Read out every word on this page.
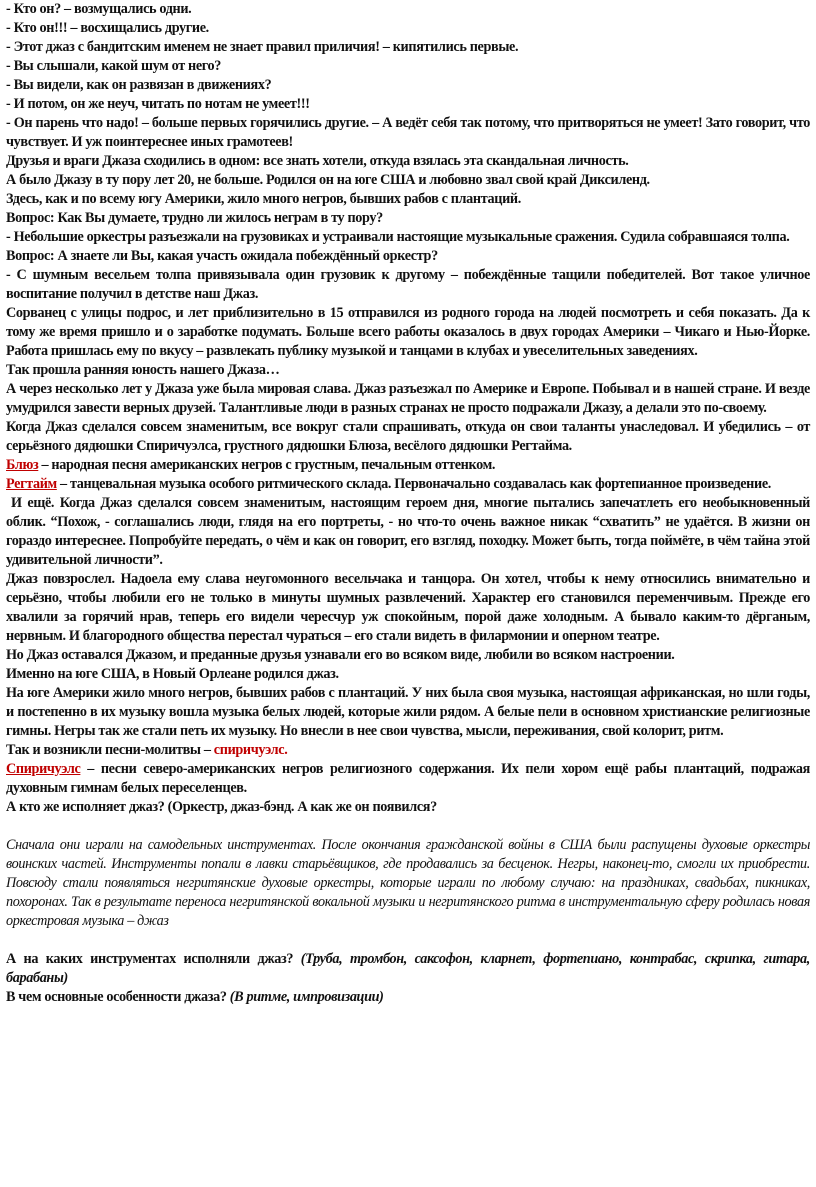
- Кто он? – возмущались одни.

- Кто он!!! – восхищались другие.

- Этот джаз с бандитским именем не знает правил приличия! – кипятились первые.

- Вы слышали, какой шум от него?

- Вы видели, как он развязан в движениях?

- И потом, он же неуч, читать по нотам не умеет!!!

- Он парень что надо! – больше первых горячились другие. – А ведёт себя так потому, что притворяться не умеет! Зато говорит, что чувствует. И уж поинтереснее иных грамотеев!

Друзья и враги Джаза сходились в одном: все знать хотели, откуда взялась эта скандальная личность.

А было Джазу в ту пору лет 20, не больше. Родился он на юге США и любовно звал свой край Диксиленд.

Здесь, как и по всему югу Америки, жило много негров, бывших рабов с плантаций.

Вопрос: Как Вы думаете, трудно ли жилось неграм в ту пору?

- Небольшие оркестры разъезжали на грузовиках и устраивали настоящие музыкальные сражения. Судила собравшаяся толпа.

Вопрос: А знаете ли Вы, какая участь ожидала побеждённый оркестр?

- С шумным весельем толпа привязывала один грузовик к другому – побеждённые тащили победителей. Вот такое уличное воспитание получил в детстве наш Джаз.

Сорванец с улицы подрос, и лет приблизительно в 15 отправился из родного города на людей посмотреть и себя показать. Да к тому же время пришло и о заработке подумать. Больше всего работы оказалось в двух городах Америки – Чикаго и Нью-Йорке. Работа пришлась ему по вкусу – развлекать публику музыкой и танцами в клубах и увеселительных заведениях.

Так прошла ранняя юность нашего Джаза…

А через несколько лет у Джаза уже была мировая слава. Джаз разъезжал по Америке и Европе. Побывал и в нашей стране. И везде умудрился завести верных друзей. Талантливые люди в разных странах не просто подражали Джазу, а делали это по-своему.

Когда Джаз сделался совсем знаменитым, все вокруг стали спрашивать, откуда он свои таланты унаследовал. И убедились – от серьёзного дядюшки Спиричуэлса, грустного дядюшки Блюза, весёлого дядюшки Регтайма.

Блюз – народная песня американских негров с грустным, печальным оттенком.

Регтайм – танцевальная музыка особого ритмического склада. Первоначально создавалась как фортепианное произведение.

И ещё. Когда Джаз сделался совсем знаменитым, настоящим героем дня, многие пытались запечатлеть его необыкновенный облик. “Похож, - соглашались люди, глядя на его портреты, - но что-то очень важное никак “схватить” не удаётся. В жизни он гораздо интереснее. Попробуйте передать, о чём и как он говорит, его взгляд, походку. Может быть, тогда поймёте, в чём тайна этой удивительной личности”.

Джаз повзрослел. Надоела ему слава неугомонного весельчака и танцора. Он хотел, чтобы к нему относились внимательно и серьёзно, чтобы любили его не только в минуты шумных развлечений. Характер его становился переменчивым. Прежде его хвалили за горячий нрав, теперь его видели чересчур уж спокойным, порой даже холодным. А бывало каким-то дёрганым, нервным. И благородного общества перестал чураться – его стали видеть в филармонии и оперном театре.

Но Джаз оставался Джазом, и преданные друзья узнавали его во всяком виде, любили во всяком настроении.

Именно на юге США, в Новый Орлеане родился джаз.

На юге Америки жило много негров, бывших рабов с плантаций. У них была своя музыка, настоящая африканская, но шли годы, и постепенно в их музыку вошла музыка белых людей, которые жили рядом. А белые пели в основном христианские религиозные гимны. Негры так же стали петь их музыку. Но внесли в нее свои чувства, мысли, переживания, свой колорит, ритм.

Так и возникли песни-молитвы – спиричуэлс.

Спиричуэлс – песни северо-американских негров религиозного содержания. Их пели хором ещё рабы плантаций, подражая духовным гимнам белых переселенцев.

А кто же исполняет джаз? (Оркестр, джаз-бэнд. А как же он появился?

Сначала они играли на самодельных инструментах. После окончания гражданской войны в США были распущены духовые оркестры воинских частей. Инструменты попали в лавки старьёвщиков, где продавались за бесценок. Негры, наконец-то, смогли их приобрести. Повсюду стали появляться негритянские духовые оркестры, которые играли по любому случаю: на праздниках, свадьбах, пикниках, похоронах. Так в результате переноса негритянской вокальной музыки и негритянского ритма в инструментальную сферу родилась новая оркестровая музыка – джаз

А на каких инструментах исполняли джаз? (Труба, тромбон, саксофон, кларнет, фортепиано, контрабас, скрипка, гитара, барабаны)

В чем основные особенности джаза? (В ритме, импровизации)
